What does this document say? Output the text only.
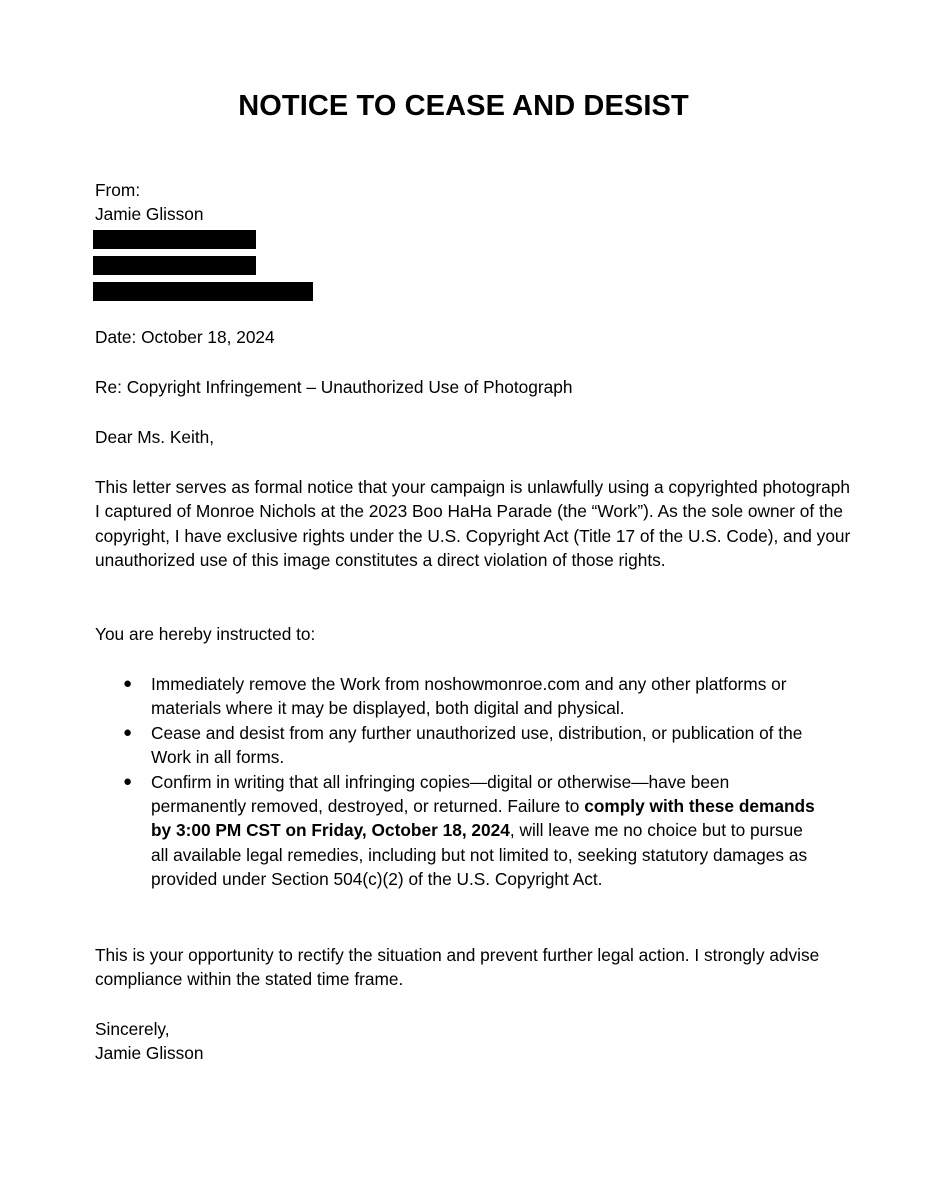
NOTICE TO CEASE AND DESIST

From:

Jamie Glisson

Date: October 18, 2024

Re: Copyright Infringement – Unauthorized Use of Photograph

Dear Ms. Keith,

This letter serves as formal notice that your campaign is unlawfully using a copyrighted photograph I captured of Monroe Nichols at the 2023 Boo HaHa Parade (the “Work”). As the sole owner of the copyright, I have exclusive rights under the U.S. Copyright Act (Title 17 of the U.S. Code), and your unauthorized use of this image constitutes a direct violation of those rights.

You are hereby instructed to:

● Immediately remove the Work from noshowmonroe.com and any other platforms or materials where it may be displayed, both digital and physical.
● Cease and desist from any further unauthorized use, distribution, or publication of the Work in all forms.
● Confirm in writing that all infringing copies—digital or otherwise—have been permanently removed, destroyed, or returned. Failure to comply with these demands by 3:00 PM CST on Friday, October 18, 2024, will leave me no choice but to pursue all available legal remedies, including but not limited to, seeking statutory damages as provided under Section 504(c)(2) of the U.S. Copyright Act.

This is your opportunity to rectify the situation and prevent further legal action. I strongly advise compliance within the stated time frame.

Sincerely,

Jamie Glisson
